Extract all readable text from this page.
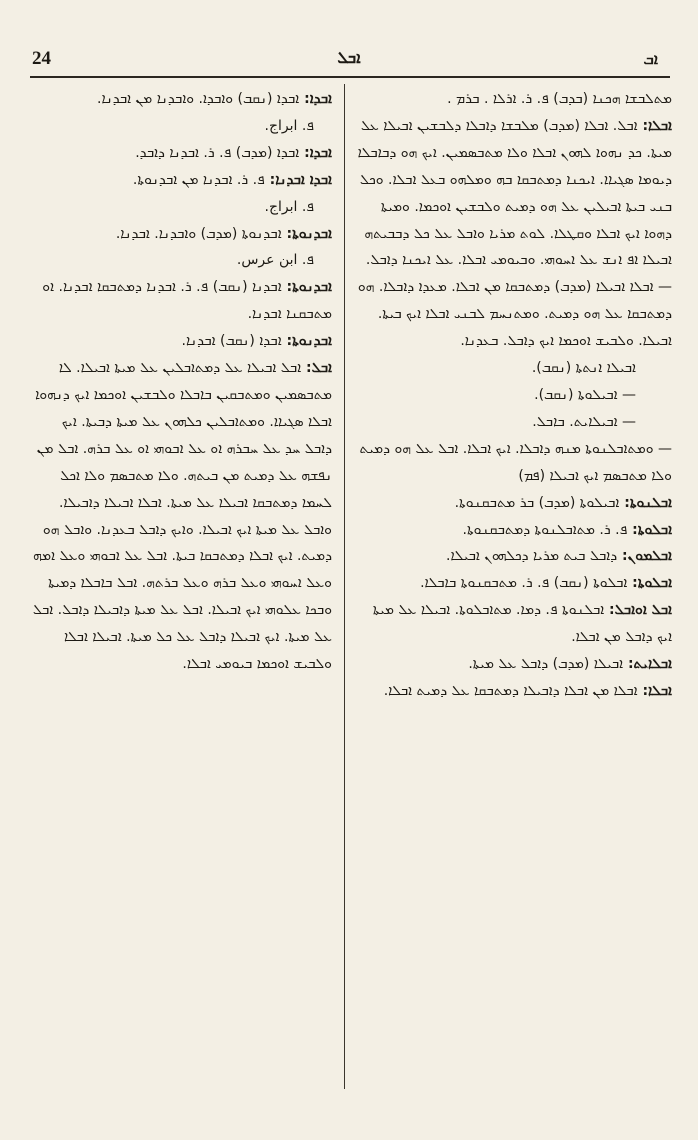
24	ܐܒܠ	ܐܒ

ܡܬܠܒܫܐ ܗܟܢܐ (ܒܕܒ) ܦ. ܪ. ܐܪܠܐ . ܒܪܡ .

ܐܒܠܐ: ܐܒܠ. ܐܒܠܐ (ܡܕܒ) ܡܠܒܫܐ ܕܐܒܠܐ ܕܠܒܫܝܢ ܐܒܝܠܐ ܥܠ ܡܝܬܐ. ܟܕ ܢܗܘܐ ܠܗܘܢ ܐܒܠܐ ܘܠܐ ܡܬܒܣܡܝܢ. ܐܝܟ ܗܘ ܕܒܐܒܠܐ ܕܝܘܡܐ ܣܓܝܐܐ. ܐܝܟܢܐ ܕܡܬܒܩܐ ܒܗ ܘܡܠܗܘ ܒܥܠ ܐܒܠܐ. ܘܟܠ ܒܢܝ ܒܝܬܐ ܐܒܝܠܝܢ ܥܠ ܗܘ ܕܡܝܬ ܘܠܒܫܝܢ ܐܘܟܡܐ. ܘܡܝܬܐ ܕܗܘܐ ܐܝܟ ܐܒܠܐ ܘܩܛܠܐ. ܠܘܬ ܡܪܝܐ ܘܐܒܠ ܥܠ ܟܠ ܕܒܒܝܬܗ ܐܒܝܠܐ ܐܦ ܐܢܫ ܥܠ ܐܚܘܗܝ. ܘܒܝܘܡܝ ܐܒܠܐ. ܥܠ ܐܝܟܢܐ ܕܐܒܠ.

— ܐܒܠܐ ܐܒܝܠܐ (ܡܕܒ) ܕܡܬܒܩܐ ܡܢ ܐܒܠܐ. ܡܥܕܐ ܕܐܒܠܐ. ܗܘ ܕܡܬܒܩܐ ܥܠ ܗܘ ܕܡܝܬ. ܘܡܬܢܚܡ ܠܒܢܝ ܐܒܠܐ ܐܝܟ ܒܝܬܐ. ܐܒܝܠܐ. ܘܠܒܝܫ ܐܘܟܡܐ ܐܝܟ ܕܐܒܠ. ܒܥܕܢܐ.

ܐܒܝܠܐ ܐܢܬܬܐ (ܢܩܒ).

— ܐܒܝܠܘܬܐ (ܢܩܒ).

— ܐܒܝܠܐܝܬ. ܒܐܒܠ.

— ܘܡܬܐܒܠܢܘܬܐ ܡܢܗ ܕܐܒܠܐ. ܐܝܟ ܐܒܠܐ. ܐܒܠ ܥܠ ܗܘ ܕܡܝܬ ܘܠܐ ܡܬܒܣܡ ܐܝܟ ܐܒܝܠܐ (ܦܡ)

ܐܒܠܢܘܬܐ: ܐܒܝܠܘܬܐ (ܡܕܒ) ܒܪ ܡܬܒܩܢܘܬܐ.

ܐܒܠܘܬܐ: ܦ. ܪ. ܡܬܐܒܠܢܘܬܐ ܕܡܬܒܩܢܘܬܐ.

ܐܒܠܡܘܢ: ܕܐܒܠ ܒܝܬ ܡܪܝܐ ܕܟܠܗܘܢ ܐܒܝܠܐ.

ܐܒܠܘܬܐ: ܐܒܠܘܬܐ (ܢܩܒ) ܦ. ܪ. ܡܬܒܩܢܘܬܐ ܒܐܒܠܐ.

ܐܒܠ ܐܘܐܒܠ: ܐܒܠܢܘܬܐ ܦ. ܕܡܐ. ܡܬܐܒܠܘܬܐ. ܐܒܝܠܐ ܥܠ ܡܝܬܐ ܐܝܟ ܕܐܒܠ ܡܢ ܐܒܠܐ.

ܐܒܠܐܝܬ: ܐܒܝܠܐ (ܡܕܒ) ܕܐܒܠ ܥܠ ܡܝܬܐ.

ܐܒܠܐ: ܐܒܠܐ ܡܢ ܐܒܠܐ ܕܐܒܝܠܐ ܕܡܬܒܩܐ ܥܠ ܕܡܝܬ ܐܒܠܐ.

ܐܒܕܐ: ܐܒܕܐ (ܢܩܒ) ܘܐܒܕܐ. ܘܐܒܕܢܐ ܡܢ ܐܒܕܢܐ.

ܦ. ابراج.

ܐܒܕܐ: ܐܒܕܐ (ܡܕܒ) ܦ. ܪ. ܐܒܕܢܐ ܕܐܒܕ.

ܐܒܕܐ ܐܒܕܢܐ: ܦ. ܪ. ܐܒܕܢܐ ܡܢ ܐܒܕܢܘܬܐ.

ܦ. ابراج.

ܐܒܕܢܘܬܐ: ܐܒܕܢܘܬܐ (ܡܕܒ) ܘܐܒܕܢܐ. ܐܒܕܢܐ.

ܦ. ابن عرس.

ܐܒܕܢܘܬܐ: ܐܒܕܢܐ (ܢܩܒ) ܦ. ܪ. ܐܒܕܢܐ ܕܡܬܒܩܐ ܐܒܕܢܐ. ܐܘ ܡܬܒܩܢܐ ܐܒܕܢܐ.

ܐܒܕܢܘܬܐ: ܐܒܕܐ (ܢܩܒ) ܐܒܕܢܐ.

ܐܒܠ: ܐܒܠ ܐܒܝܠܐ ܥܠ ܕܡܬܐܒܠܝܢ ܥܠ ܡܝܬܐ ܐܒܝܠܐ. ܠܐ ܡܬܒܣܡܝܢ ܘܡܬܒܩܝܢ ܒܐܒܠܐ ܘܠܒܫܝܢ ܐܘܟܡܐ ܐܝܟ ܕܢܗܘܐ ܐܒܠܐ ܣܓܝܐܐ. ܘܡܬܐܒܠܝܢ ܟܠܗܘܢ ܥܠ ܡܝܬܐ ܕܒܝܬܐ. ܐܝܟ ܕܐܒܠ ܚܕ ܥܠ ܚܒܪܗ ܐܘ ܥܠ ܐܒܘܗܝ ܐܘ ܥܠ ܒܪܗ. ܐܒܠ ܡܢ ܢܦܫܗ ܥܠ ܕܡܝܬ ܡܢ ܒܝܬܗ. ܘܠܐ ܡܬܒܣܡ ܘܠܐ ܐܟܠ ܠܚܡܐ ܕܡܬܒܩܐ ܐܒܝܠܐ ܥܠ ܡܝܬܐ. ܐܒܠܐ ܐܒܝܠܐ ܕܐܒܝܠܐ. ܘܐܒܠ ܥܠ ܡܝܬܐ ܐܝܟ ܐܒܝܠܐ. ܘܐܝܟ ܕܐܒܠ ܒܥܕܢܐ. ܘܐܒܠ ܗܘ ܕܡܝܬ. ܐܝܟ ܐܒܠܐ ܕܡܬܒܩܐ ܒܝܬܐ. ܐܒܠ ܥܠ ܐܒܘܗܝ ܘܥܠ ܐܡܗ ܘܥܠ ܐܚܘܗܝ ܘܥܠ ܒܪܗ ܘܥܠ ܒܪܬܗ. ܐܒܠ ܒܐܒܠܐ ܕܡܝܬܐ ܘܒܟܐ ܥܠܘܗܝ ܐܝܟ ܐܒܝܠܐ. ܐܒܠ ܥܠ ܡܝܬܐ ܕܐܒܝܠܐ ܕܐܒܠ. ܐܒܠ ܥܠ ܡܝܬܐ. ܐܝܟ ܐܒܝܠܐ ܕܐܒܠ ܥܠ ܟܠ ܡܝܬܐ. ܐܒܝܠܐ ܐܒܠܐ ܘܠܒܝܫ ܐܘܟܡܐ ܒܝܘܡܝ ܐܒܠܐ.
